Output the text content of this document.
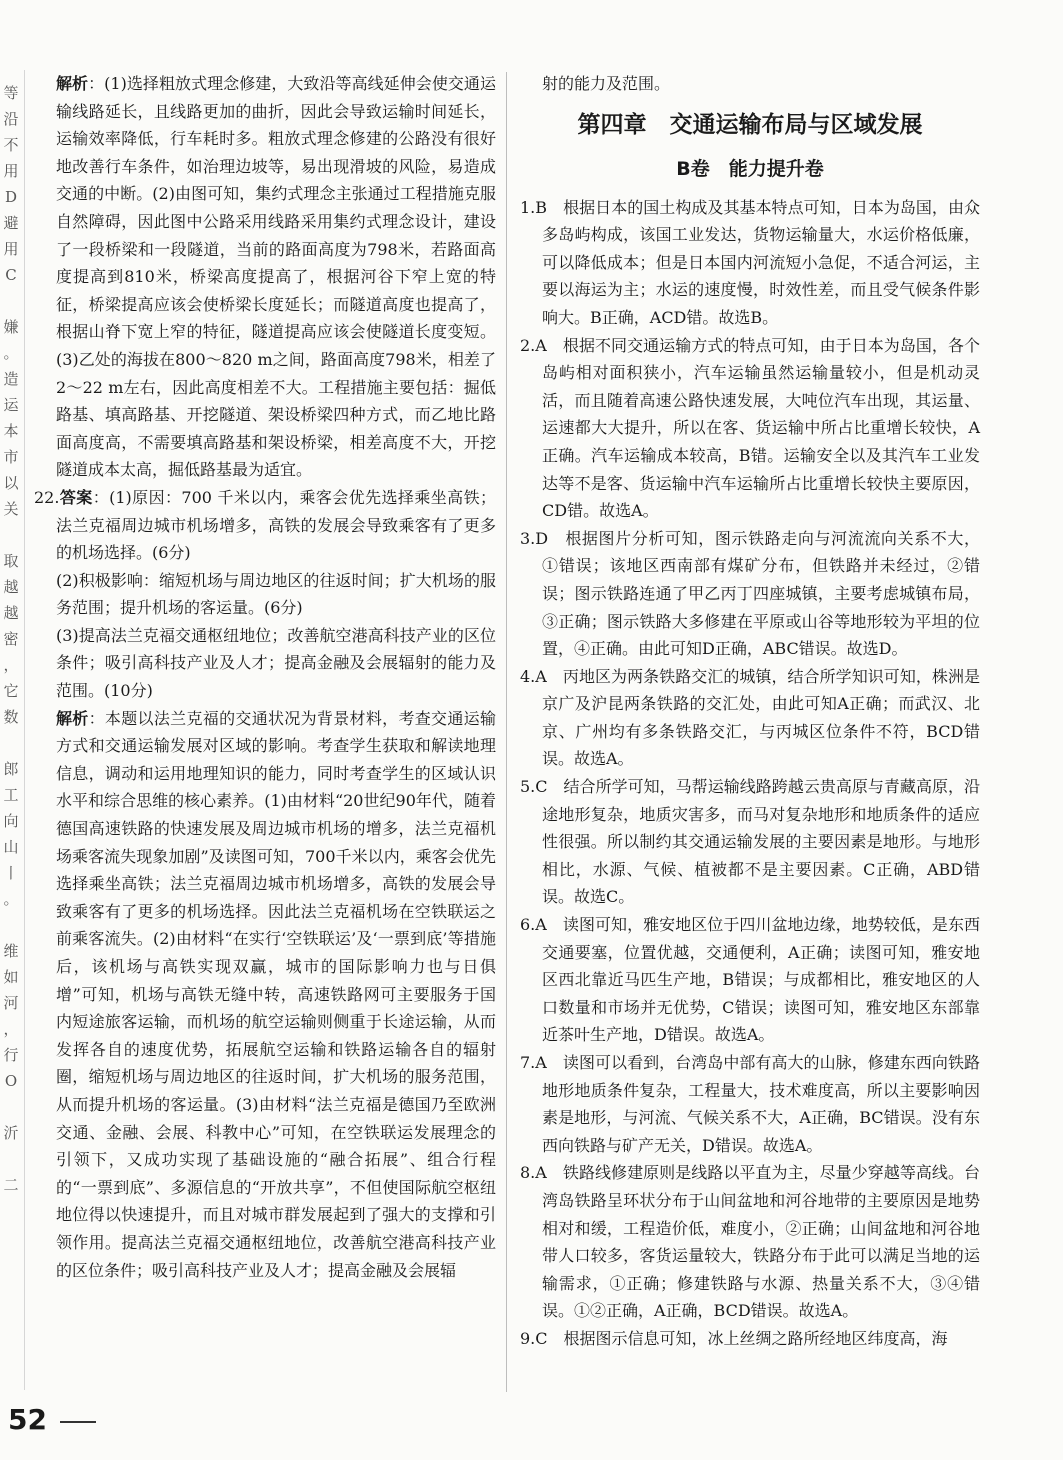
等
沿
不
用
D
避
用
C

嫌
。
造
运
本
市
以
关

取
越
越
密
，
它
数

郎
工
向
山
丨
。

维
如
河
，
行
O

沂

二

解析：(1)选择粗放式理念修建，大致沿等高线延伸会使交通运输线路延长，且线路更加的曲折，因此会导致运输时间延长，运输效率降低，行车耗时多。粗放式理念修建的公路没有很好地改善行车条件，如治理边坡等，易出现滑坡的风险，易造成交通的中断。(2)由图可知，集约式理念主张通过工程措施克服自然障碍，因此图中公路采用线路采用集约式理念设计，建设了一段桥梁和一段隧道，当前的路面高度为798米，若路面高度提高到810米，桥梁高度提高了，根据河谷下窄上宽的特征，桥梁提高应该会使桥梁长度延长；而隧道高度也提高了，根据山脊下宽上窄的特征，隧道提高应该会使隧道长度变短。(3)乙处的海拔在800～820 m之间，路面高度798米，相差了2～22 m左右，因此高度相差不大。工程措施主要包括：掘低路基、填高路基、开挖隧道、架设桥梁四种方式，而乙地比路面高度高，不需要填高路基和架设桥梁，相差高度不大，开挖隧道成本太高，掘低路基最为适宜。

22.答案：(1)原因：700 千米以内，乘客会优先选择乘坐高铁；法兰克福周边城市机场增多，高铁的发展会导致乘客有了更多的机场选择。(6分)

(2)积极影响：缩短机场与周边地区的往返时间；扩大机场的服务范围；提升机场的客运量。(6分)

(3)提高法兰克福交通枢纽地位；改善航空港高科技产业的区位条件；吸引高科技产业及人才；提高金融及会展辐射的能力及范围。(10分)

解析：本题以法兰克福的交通状况为背景材料，考查交通运输方式和交通运输发展对区域的影响。考查学生获取和解读地理信息，调动和运用地理知识的能力，同时考查学生的区域认识水平和综合思维的核心素养。(1)由材料“20世纪90年代，随着德国高速铁路的快速发展及周边城市机场的增多，法兰克福机场乘客流失现象加剧”及读图可知，700千米以内，乘客会优先选择乘坐高铁；法兰克福周边城市机场增多，高铁的发展会导致乘客有了更多的机场选择。因此法兰克福机场在空铁联运之前乘客流失。(2)由材料“在实行‘空铁联运’及‘一票到底’等措施后，该机场与高铁实现双赢，城市的国际影响力也与日俱增”可知，机场与高铁无缝中转，高速铁路网可主要服务于国内短途旅客运输，而机场的航空运输则侧重于长途运输，从而发挥各自的速度优势，拓展航空运输和铁路运输各自的辐射圈，缩短机场与周边地区的往返时间，扩大机场的服务范围，从而提升机场的客运量。(3)由材料“法兰克福是德国乃至欧洲交通、金融、会展、科教中心”可知，在空铁联运发展理念的引领下，又成功实现了基础设施的“融合拓展”、组合行程的“一票到底”、多源信息的“开放共享”，不但使国际航空枢纽地位得以快速提升，而且对城市群发展起到了强大的支撑和引领作用。提高法兰克福交通枢纽地位，改善航空港高科技产业的区位条件；吸引高科技产业及人才；提高金融及会展辐

射的能力及范围。

第四章　交通运输布局与区域发展
B卷　能力提升卷

1.B　根据日本的国土构成及其基本特点可知，日本为岛国，由众多岛屿构成，该国工业发达，货物运输量大，水运价格低廉，可以降低成本；但是日本国内河流短小急促，不适合河运，主要以海运为主；水运的速度慢，时效性差，而且受气候条件影响大。B正确，ACD错。故选B。

2.A　根据不同交通运输方式的特点可知，由于日本为岛国，各个岛屿相对面积狭小，汽车运输虽然运输量较小，但是机动灵活，而且随着高速公路快速发展，大吨位汽车出现，其运量、运速都大大提升，所以在客、货运输中所占比重增长较快，A正确。汽车运输成本较高，B错。运输安全以及其汽车工业发达等不是客、货运输中汽车运输所占比重增长较快主要原因，CD错。故选A。

3.D　根据图片分析可知，图示铁路走向与河流流向关系不大，①错误；该地区西南部有煤矿分布，但铁路并未经过，②错误；图示铁路连通了甲乙丙丁四座城镇，主要考虑城镇布局，③正确；图示铁路大多修建在平原或山谷等地形较为平坦的位置，④正确。由此可知D正确，ABC错误。故选D。

4.A　丙地区为两条铁路交汇的城镇，结合所学知识可知，株洲是京广及沪昆两条铁路的交汇处，由此可知A正确；而武汉、北京、广州均有多条铁路交汇，与丙城区位条件不符，BCD错误。故选A。

5.C　结合所学可知，马帮运输线路跨越云贵高原与青藏高原，沿途地形复杂，地质灾害多，而马对复杂地形和地质条件的适应性很强。所以制约其交通运输发展的主要因素是地形。与地形相比，水源、气候、植被都不是主要因素。C正确，ABD错误。故选C。

6.A　读图可知，雅安地区位于四川盆地边缘，地势较低，是东西交通要塞，位置优越，交通便利，A正确；读图可知，雅安地区西北靠近马匹生产地，B错误；与成都相比，雅安地区的人口数量和市场并无优势，C错误；读图可知，雅安地区东部靠近茶叶生产地，D错误。故选A。

7.A　读图可以看到，台湾岛中部有高大的山脉，修建东西向铁路地形地质条件复杂，工程量大，技术难度高，所以主要影响因素是地形，与河流、气候关系不大，A正确，BC错误。没有东西向铁路与矿产无关，D错误。故选A。

8.A　铁路线修建原则是线路以平直为主，尽量少穿越等高线。台湾岛铁路呈环状分布于山间盆地和河谷地带的主要原因是地势相对和缓，工程造价低，难度小，②正确；山间盆地和河谷地带人口较多，客货运量较大，铁路分布于此可以满足当地的运输需求，①正确；修建铁路与水源、热量关系不大，③④错误。①②正确，A正确，BCD错误。故选A。

9.C　根据图示信息可知，冰上丝绸之路所经地区纬度高，海

52
